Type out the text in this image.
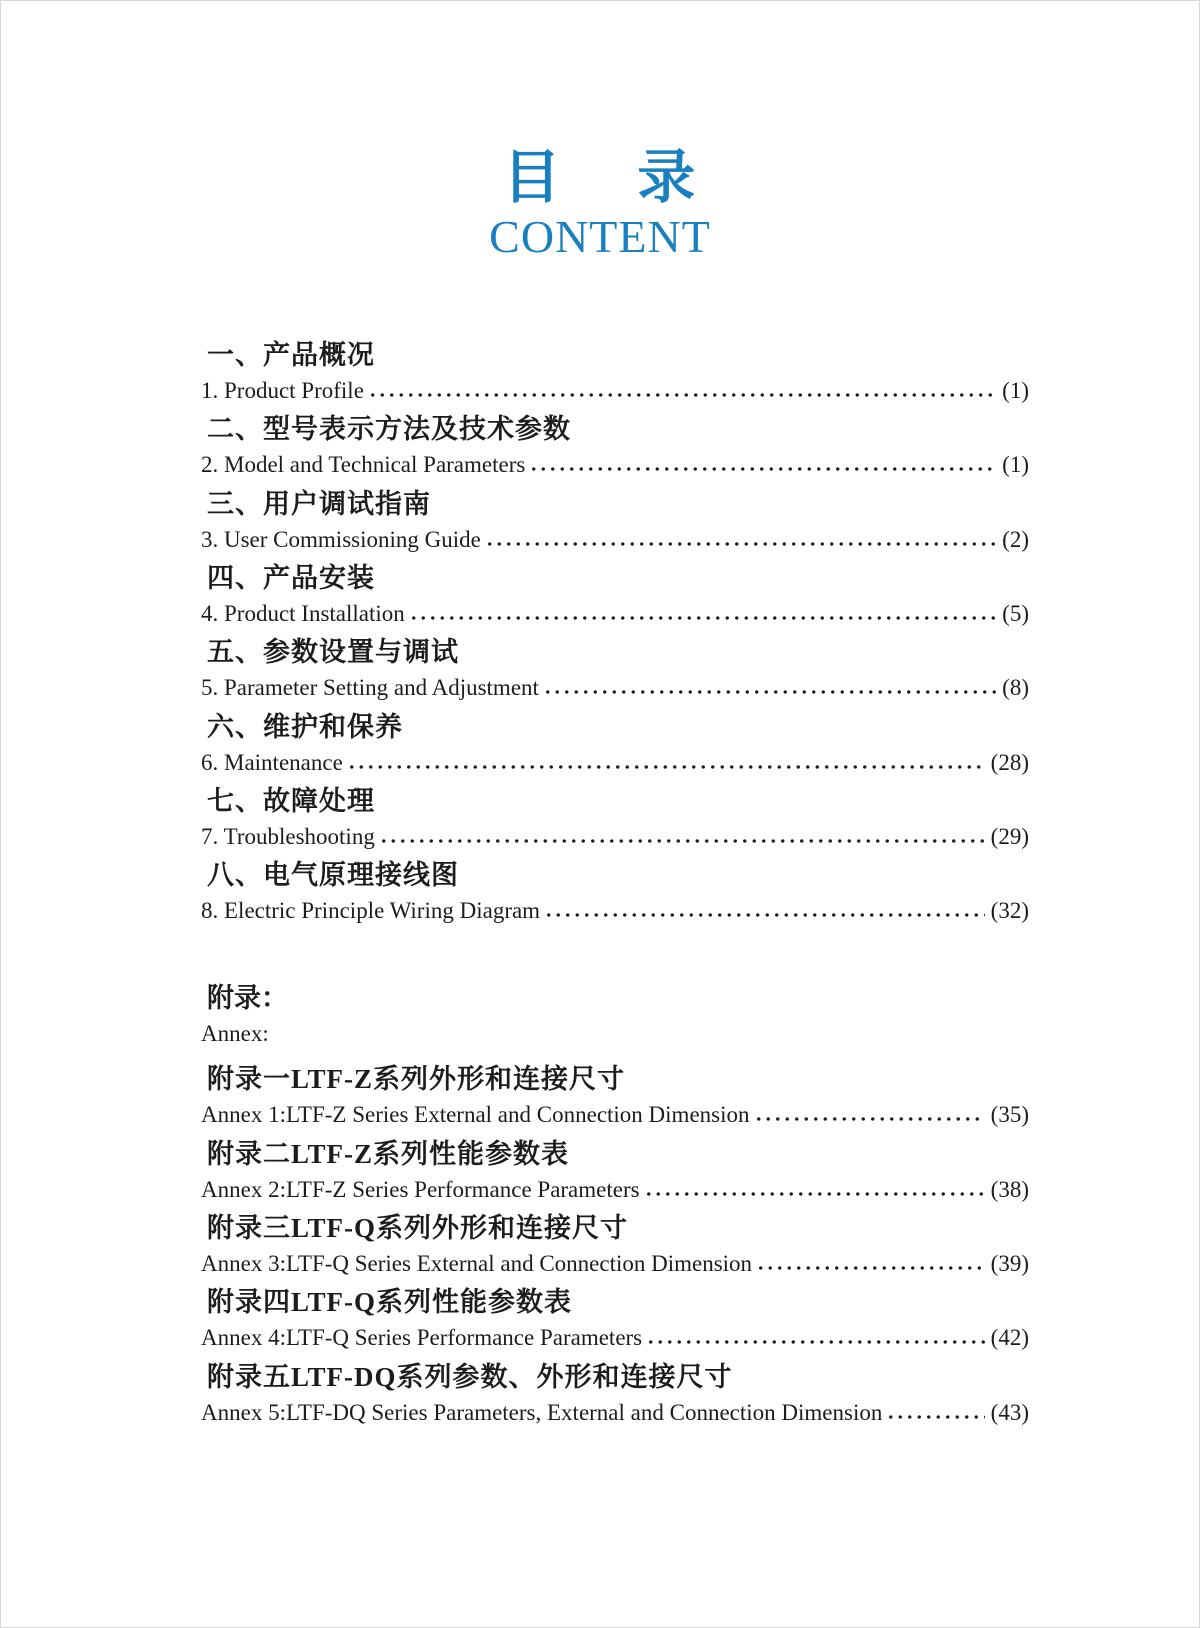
目 录
CONTENT
一、产品概况
1. Product Profile	(1)
二、型号表示方法及技术参数
2. Model and Technical Parameters	(1)
三、用户调试指南
3. User Commissioning Guide	(2)
四、产品安装
4. Product Installation	(5)
五、参数设置与调试
5. Parameter Setting and Adjustment	(8)
六、维护和保养
6. Maintenance	(28)
七、故障处理
7. Troubleshooting	(29)
八、电气原理接线图
8. Electric Principle Wiring Diagram	(32)
附录：
Annex:
附录一LTF-Z系列外形和连接尺寸
Annex 1:LTF-Z Series External and Connection Dimension	(35)
附录二LTF-Z系列性能参数表
Annex 2:LTF-Z Series Performance Parameters	(38)
附录三LTF-Q系列外形和连接尺寸
Annex 3:LTF-Q Series External and Connection Dimension	(39)
附录四LTF-Q系列性能参数表
Annex 4:LTF-Q Series Performance Parameters	(42)
附录五LTF-DQ系列参数、外形和连接尺寸
Annex 5:LTF-DQ Series Parameters, External and Connection Dimension	(43)
